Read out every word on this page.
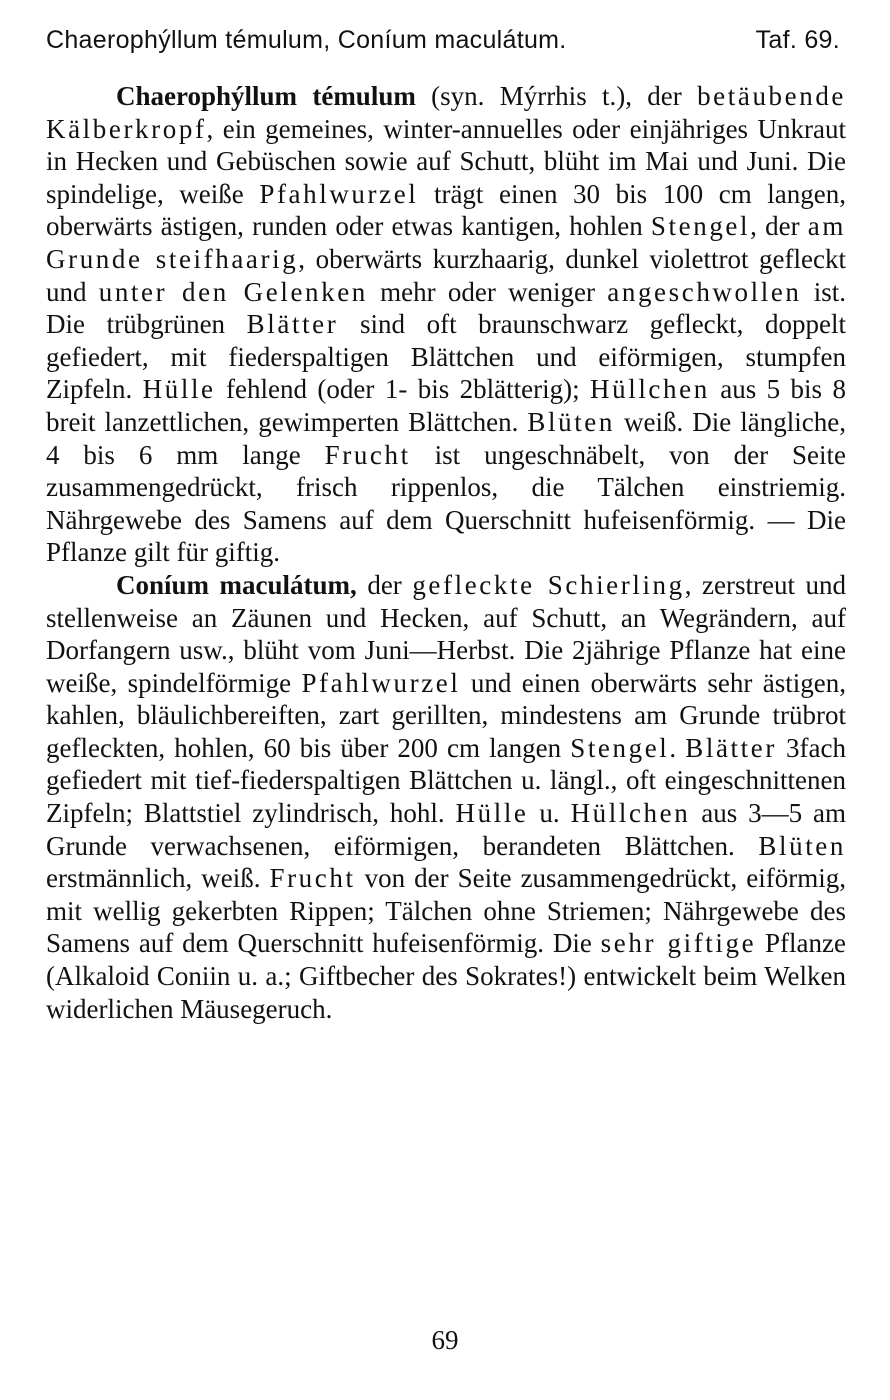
Chaerophýllum témulum, Coníum maculátum.	Taf. 69.

Chaerophýllum témulum (syn. Mýrrhis t.), der betäubende Kälberkropf, ein gemeines, winter-annuelles oder einjähriges Unkraut in Hecken und Gebüschen sowie auf Schutt, blüht im Mai und Juni. Die spindelige, weiße Pfahlwurzel trägt einen 30 bis 100 cm langen, oberwärts ästigen, runden oder etwas kantigen, hohlen Stengel, der am Grunde steifhaarig, oberwärts kurzhaarig, dunkel violettrot gefleckt und unter den Gelenken mehr oder weniger angeschwollen ist. Die trübgrünen Blätter sind oft braunschwarz gefleckt, doppelt gefiedert, mit fiederspaltigen Blättchen und eiförmigen, stumpfen Zipfeln. Hülle fehlend (oder 1- bis 2blätterig); Hüllchen aus 5 bis 8 breit lanzettlichen, gewimperten Blättchen. Blüten weiß. Die längliche, 4 bis 6 mm lange Frucht ist ungeschnäbelt, von der Seite zusammengedrückt, frisch rippenlos, die Tälchen einstriemig. Nährgewebe des Samens auf dem Querschnitt hufeisenförmig. — Die Pflanze gilt für giftig.

Coníum maculátum, der gefleckte Schierling, zerstreut und stellenweise an Zäunen und Hecken, auf Schutt, an Wegrändern, auf Dorfangern usw., blüht vom Juni—Herbst. Die 2jährige Pflanze hat eine weiße, spindelförmige Pfahlwurzel und einen oberwärts sehr ästigen, kahlen, bläulichbereiften, zart gerillten, mindestens am Grunde trübrot gefleckten, hohlen, 60 bis über 200 cm langen Stengel. Blätter 3fach gefiedert mit tief-fiederspaltigen Blättchen u. längl., oft eingeschnittenen Zipfeln; Blattstiel zylindrisch, hohl. Hülle u. Hüllchen aus 3—5 am Grunde verwachsenen, eiförmigen, berandeten Blättchen. Blüten erstmännlich, weiß. Frucht von der Seite zusammengedrückt, eiförmig, mit wellig gekerbten Rippen; Tälchen ohne Striemen; Nährgewebe des Samens auf dem Querschnitt hufeisenförmig. Die sehr giftige Pflanze (Alkaloid Coniin u. a.; Giftbecher des Sokrates!) entwickelt beim Welken widerlichen Mäusegeruch.

69
